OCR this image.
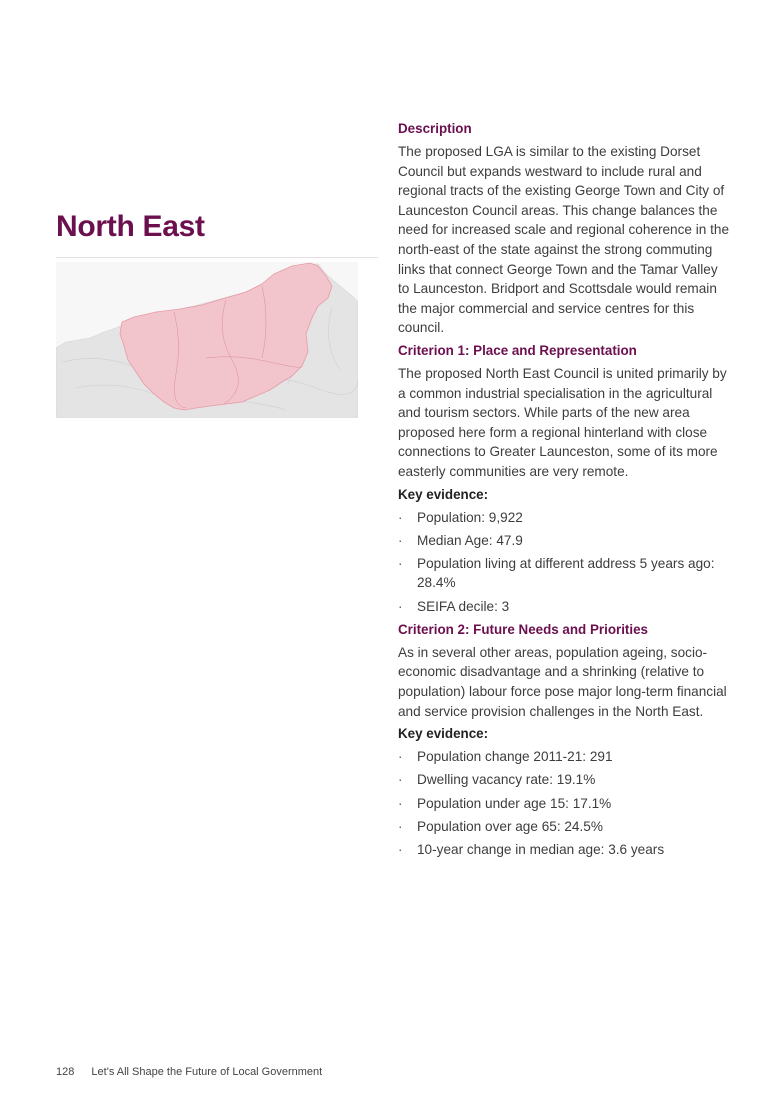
North East
·
Description
The proposed LGA is similar to the existing Dorset Council but expands westward to include rural and regional tracts of the existing George Town and City of Launceston Council areas. This change balances the need for increased scale and regional coherence in the north-east of the state against the strong commuting links that connect George Town and the Tamar Valley to Launceston. Bridport and Scottsdale would remain the major commercial and service centres for this council.
Criterion 1: Place and Representation
The proposed North East Council is united primarily by a common industrial specialisation in the agricultural and tourism sectors. While parts of the new area proposed here form a regional hinterland with close connections to Greater Launceston, some of its more easterly communities are very remote.
Key evidence:
· Population: 9,922
· Median Age: 47.9
· Population living at different address 5 years ago: 28.4%
· SEIFA decile: 3
Criterion 2: Future Needs and Priorities
As in several other areas, population ageing, socio-economic disadvantage and a shrinking (relative to population) labour force pose major long-term financial and service provision challenges in the North East.
Key evidence:
· Population change 2011-21: 291
· Dwelling vacancy rate: 19.1%
· Population under age 15: 17.1%
· Population over age 65: 24.5%
· 10-year change in median age: 3.6 years
128 Let's All Shape the Future of Local Government
